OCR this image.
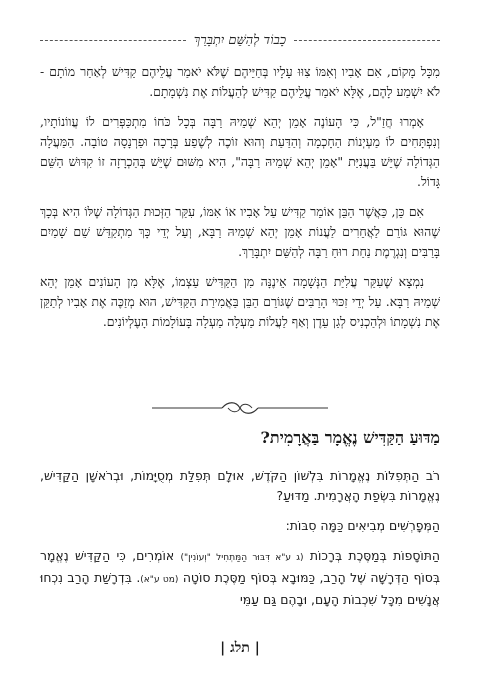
כָבוֹד לְהַשֵּׁם יִתְבָּרַךְ

מִכָּל מָקוֹם, אִם אָבִיו וְאִמּוֹ צִוּוּ עָלָיו בְּחַיֵּיהֶם שֶׁלֹּא יֹאמַר עֲלֵיהֶם קַדִּישׁ לְאַחַר מוֹתָם - לֹא יִשְׁמַע לָהֶם, אֶלָּא יֹאמַר עֲלֵיהֶם קַדִּישׁ לְהַעֲלוֹת אֶת נִשְׁמָתָם.

אָמְרוּ חֲזַ"ל, כִּי הָעוֹנֶה אָמֵן יְהֵא שְׁמֵיהּ רַבָּה בְּכָל כֹּחוֹ מִתְכַּפְּרִים לוֹ עֲווֹנוֹתָיו, וְנִפְתָּחִים לוֹ מַעְיְנוֹת הַחָכְמָה וְהַדַּעַת וְהוּא זוֹכֶה לְשֶׁפַע בְּרָכָה וּפַרְנָסָה טוֹבָה. הַמַּעֲלָה הַגְּדוֹלָה שֶׁיֵּשׁ בַּעֲנִיַּת "אָמֵן יְהֵא שְׁמֵיהּ רַבָּה", הִיא מִשּׁוּם שֶׁיֵּשׁ בְּהַכְרָזָה זוֹ קִדּוּשׁ הַשֵּׁם גָּדוֹל.

אִם כֵּן, כַּאֲשֶׁר הַבֵּן אוֹמֵר קַדִּישׁ עַל אָבִיו אוֹ אִמּוֹ, עִקַּר הַזְּכוּת הַגְּדוֹלָה שֶׁלּוֹ הִיא בְּכָךְ שֶׁהוּא גּוֹרֵם לַאֲחֵרִים לַעֲנוֹת אָמֵן יְהֵא שְׁמֵיהּ רַבָּא, וְעַל יְדֵי כָּךְ מִתְקַדֵּשׁ שֵׁם שָׁמַיִם בָּרַבִּים וְנִגְרֶמֶת נַחַת רוּחַ רַבָּה לְהַשֵּׁם יִתְבָּרַךְ.

נִמְצָא שֶׁעִקַּר עֲלִיַּת הַנְּשָׁמָה אֵינֶנָּה מִן הַקַּדִּישׁ עַצְמוֹ, אֶלָּא מִן הָעוֹנִים אָמֵן יְהֵא שְׁמֵיהּ רַבָּא. עַל יְדֵי זִכּוּי הָרַבִּים שֶׁגּוֹרֵם הַבֵּן בַּאֲמִירַת הַקַּדִּישׁ, הוּא מְזַכֶּה אֶת אָבִיו לְתַקֵּן אֶת נִשְׁמָתוֹ וּלְהַכְנִיס לְגַן עֵדֶן וְאַף לַעֲלוֹת מַעְלָה מַעְלָה בָּעוֹלָמוֹת הָעֶלְיוֹנִים.

מַדּוּעַ הַקַּדִּישׁ נֶאֱמָר בַּאֲרָמִית?

רֹב הַתְּפִלּוֹת נֶאֱמָרוֹת בִּלְשׁוֹן הַקֹּדֶשׁ, אוּלָם תְּפִלַּת מְסֻיָּמוֹת, וּבְרֹאשָׁן הַקַּדִּישׁ, נֶאֱמָרוֹת בִּשְׂפַת הָאֲרָמִית. מַדּוּעַ?

הַמְּפָרְשִׁים מְבִיאִים כַּמָּה סִבּוֹת:

הַתּוֹסָפוֹת בְּמַסֶּכֶת בְּרָכוֹת (ג ע"א דִּבּוּר הַמַּתְחִיל "וְעוֹנִין") אוֹמְרִים, כִּי הַקַּדִּישׁ נֶאֱמָר בְּסוֹף הַדְּרָשָׁה שֶׁל הָרַב, כַּמּוּבָא בְּסוֹף מַסֶּכֶת סוֹטָה (מט ע"א). בִּדְרָשַׁת הָרַב נִכְחוּ אֲנָשִׁים מִכָּל שִׁכְבוֹת הָעָם, וּבָהֶם גַּם עַמֵּי

| תלג |
